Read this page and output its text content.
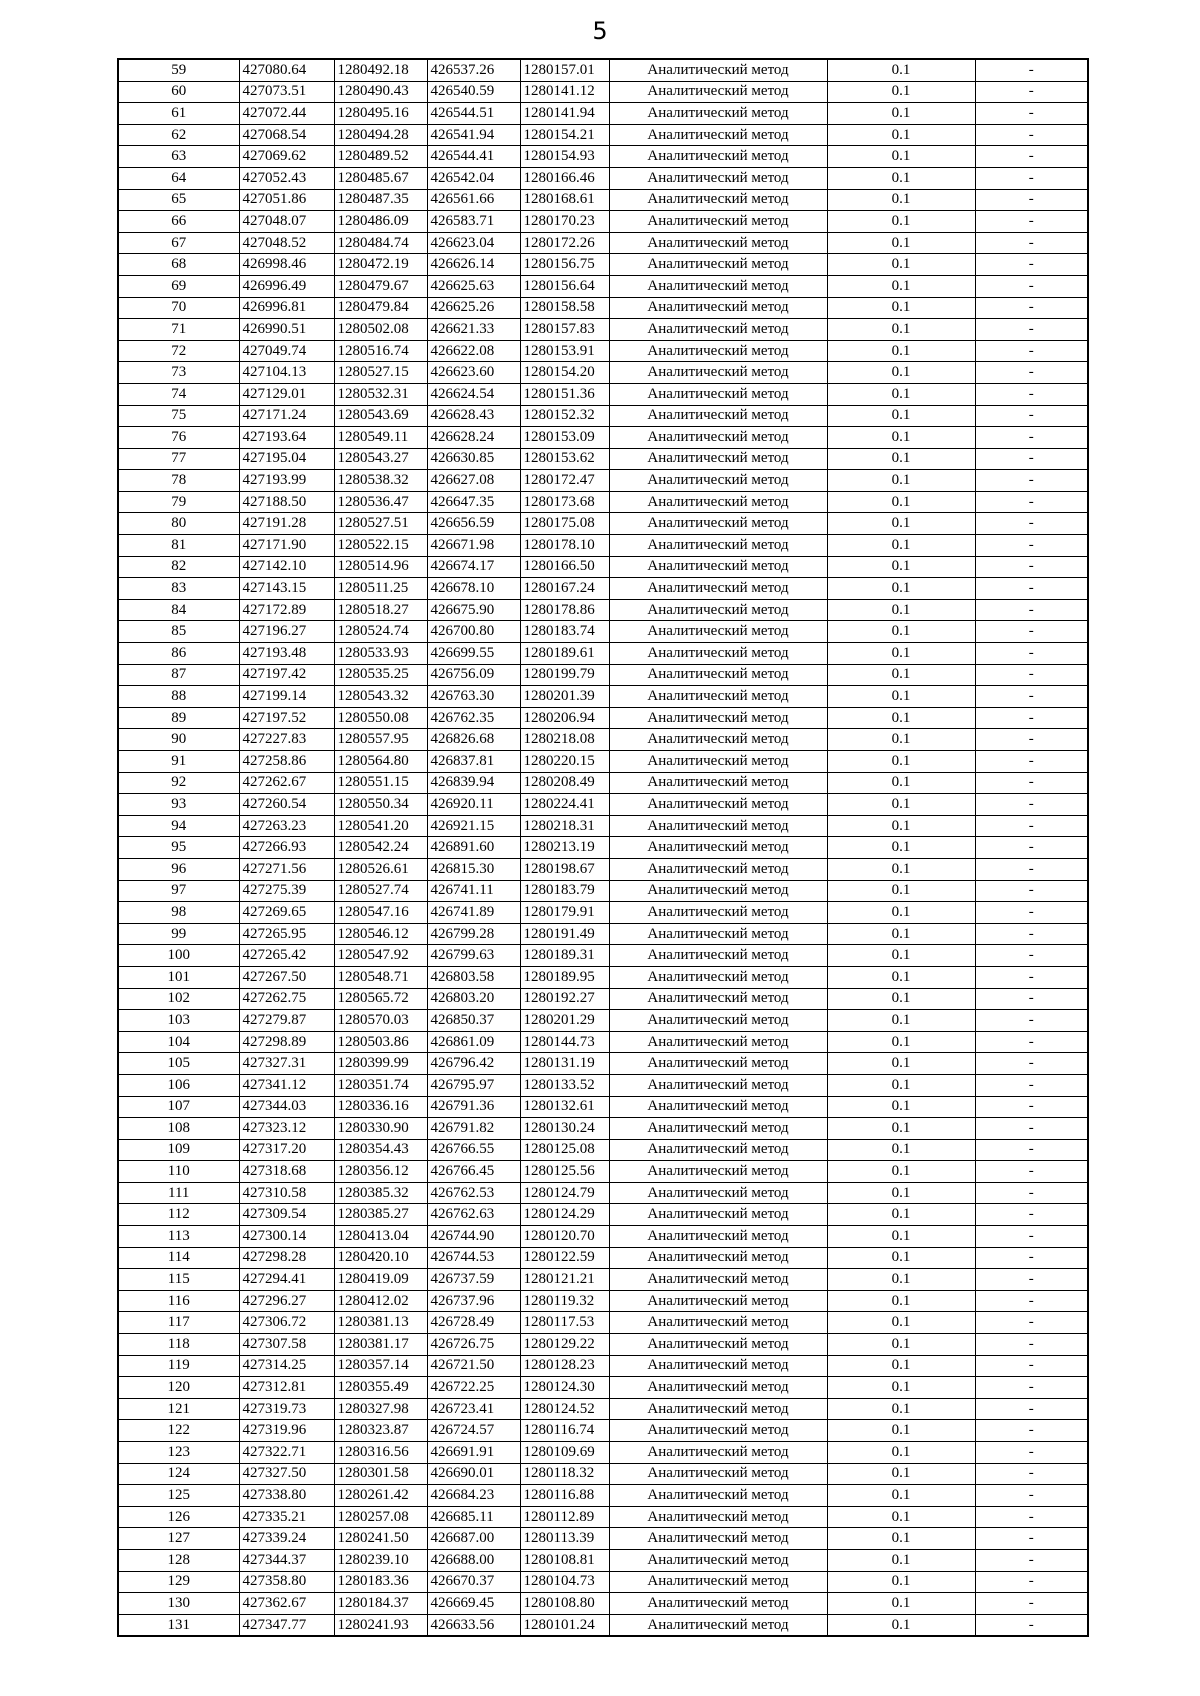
5
59	427080.64	1280492.18	426537.26	1280157.01	Аналитический метод	0.1	-
60	427073.51	1280490.43	426540.59	1280141.12	Аналитический метод	0.1	-
61	427072.44	1280495.16	426544.51	1280141.94	Аналитический метод	0.1	-
62	427068.54	1280494.28	426541.94	1280154.21	Аналитический метод	0.1	-
63	427069.62	1280489.52	426544.41	1280154.93	Аналитический метод	0.1	-
64	427052.43	1280485.67	426542.04	1280166.46	Аналитический метод	0.1	-
65	427051.86	1280487.35	426561.66	1280168.61	Аналитический метод	0.1	-
66	427048.07	1280486.09	426583.71	1280170.23	Аналитический метод	0.1	-
67	427048.52	1280484.74	426623.04	1280172.26	Аналитический метод	0.1	-
68	426998.46	1280472.19	426626.14	1280156.75	Аналитический метод	0.1	-
69	426996.49	1280479.67	426625.63	1280156.64	Аналитический метод	0.1	-
70	426996.81	1280479.84	426625.26	1280158.58	Аналитический метод	0.1	-
71	426990.51	1280502.08	426621.33	1280157.83	Аналитический метод	0.1	-
72	427049.74	1280516.74	426622.08	1280153.91	Аналитический метод	0.1	-
73	427104.13	1280527.15	426623.60	1280154.20	Аналитический метод	0.1	-
74	427129.01	1280532.31	426624.54	1280151.36	Аналитический метод	0.1	-
75	427171.24	1280543.69	426628.43	1280152.32	Аналитический метод	0.1	-
76	427193.64	1280549.11	426628.24	1280153.09	Аналитический метод	0.1	-
77	427195.04	1280543.27	426630.85	1280153.62	Аналитический метод	0.1	-
78	427193.99	1280538.32	426627.08	1280172.47	Аналитический метод	0.1	-
79	427188.50	1280536.47	426647.35	1280173.68	Аналитический метод	0.1	-
80	427191.28	1280527.51	426656.59	1280175.08	Аналитический метод	0.1	-
81	427171.90	1280522.15	426671.98	1280178.10	Аналитический метод	0.1	-
82	427142.10	1280514.96	426674.17	1280166.50	Аналитический метод	0.1	-
83	427143.15	1280511.25	426678.10	1280167.24	Аналитический метод	0.1	-
84	427172.89	1280518.27	426675.90	1280178.86	Аналитический метод	0.1	-
85	427196.27	1280524.74	426700.80	1280183.74	Аналитический метод	0.1	-
86	427193.48	1280533.93	426699.55	1280189.61	Аналитический метод	0.1	-
87	427197.42	1280535.25	426756.09	1280199.79	Аналитический метод	0.1	-
88	427199.14	1280543.32	426763.30	1280201.39	Аналитический метод	0.1	-
89	427197.52	1280550.08	426762.35	1280206.94	Аналитический метод	0.1	-
90	427227.83	1280557.95	426826.68	1280218.08	Аналитический метод	0.1	-
91	427258.86	1280564.80	426837.81	1280220.15	Аналитический метод	0.1	-
92	427262.67	1280551.15	426839.94	1280208.49	Аналитический метод	0.1	-
93	427260.54	1280550.34	426920.11	1280224.41	Аналитический метод	0.1	-
94	427263.23	1280541.20	426921.15	1280218.31	Аналитический метод	0.1	-
95	427266.93	1280542.24	426891.60	1280213.19	Аналитический метод	0.1	-
96	427271.56	1280526.61	426815.30	1280198.67	Аналитический метод	0.1	-
97	427275.39	1280527.74	426741.11	1280183.79	Аналитический метод	0.1	-
98	427269.65	1280547.16	426741.89	1280179.91	Аналитический метод	0.1	-
99	427265.95	1280546.12	426799.28	1280191.49	Аналитический метод	0.1	-
100	427265.42	1280547.92	426799.63	1280189.31	Аналитический метод	0.1	-
101	427267.50	1280548.71	426803.58	1280189.95	Аналитический метод	0.1	-
102	427262.75	1280565.72	426803.20	1280192.27	Аналитический метод	0.1	-
103	427279.87	1280570.03	426850.37	1280201.29	Аналитический метод	0.1	-
104	427298.89	1280503.86	426861.09	1280144.73	Аналитический метод	0.1	-
105	427327.31	1280399.99	426796.42	1280131.19	Аналитический метод	0.1	-
106	427341.12	1280351.74	426795.97	1280133.52	Аналитический метод	0.1	-
107	427344.03	1280336.16	426791.36	1280132.61	Аналитический метод	0.1	-
108	427323.12	1280330.90	426791.82	1280130.24	Аналитический метод	0.1	-
109	427317.20	1280354.43	426766.55	1280125.08	Аналитический метод	0.1	-
110	427318.68	1280356.12	426766.45	1280125.56	Аналитический метод	0.1	-
111	427310.58	1280385.32	426762.53	1280124.79	Аналитический метод	0.1	-
112	427309.54	1280385.27	426762.63	1280124.29	Аналитический метод	0.1	-
113	427300.14	1280413.04	426744.90	1280120.70	Аналитический метод	0.1	-
114	427298.28	1280420.10	426744.53	1280122.59	Аналитический метод	0.1	-
115	427294.41	1280419.09	426737.59	1280121.21	Аналитический метод	0.1	-
116	427296.27	1280412.02	426737.96	1280119.32	Аналитический метод	0.1	-
117	427306.72	1280381.13	426728.49	1280117.53	Аналитический метод	0.1	-
118	427307.58	1280381.17	426726.75	1280129.22	Аналитический метод	0.1	-
119	427314.25	1280357.14	426721.50	1280128.23	Аналитический метод	0.1	-
120	427312.81	1280355.49	426722.25	1280124.30	Аналитический метод	0.1	-
121	427319.73	1280327.98	426723.41	1280124.52	Аналитический метод	0.1	-
122	427319.96	1280323.87	426724.57	1280116.74	Аналитический метод	0.1	-
123	427322.71	1280316.56	426691.91	1280109.69	Аналитический метод	0.1	-
124	427327.50	1280301.58	426690.01	1280118.32	Аналитический метод	0.1	-
125	427338.80	1280261.42	426684.23	1280116.88	Аналитический метод	0.1	-
126	427335.21	1280257.08	426685.11	1280112.89	Аналитический метод	0.1	-
127	427339.24	1280241.50	426687.00	1280113.39	Аналитический метод	0.1	-
128	427344.37	1280239.10	426688.00	1280108.81	Аналитический метод	0.1	-
129	427358.80	1280183.36	426670.37	1280104.73	Аналитический метод	0.1	-
130	427362.67	1280184.37	426669.45	1280108.80	Аналитический метод	0.1	-
131	427347.77	1280241.93	426633.56	1280101.24	Аналитический метод	0.1	-
